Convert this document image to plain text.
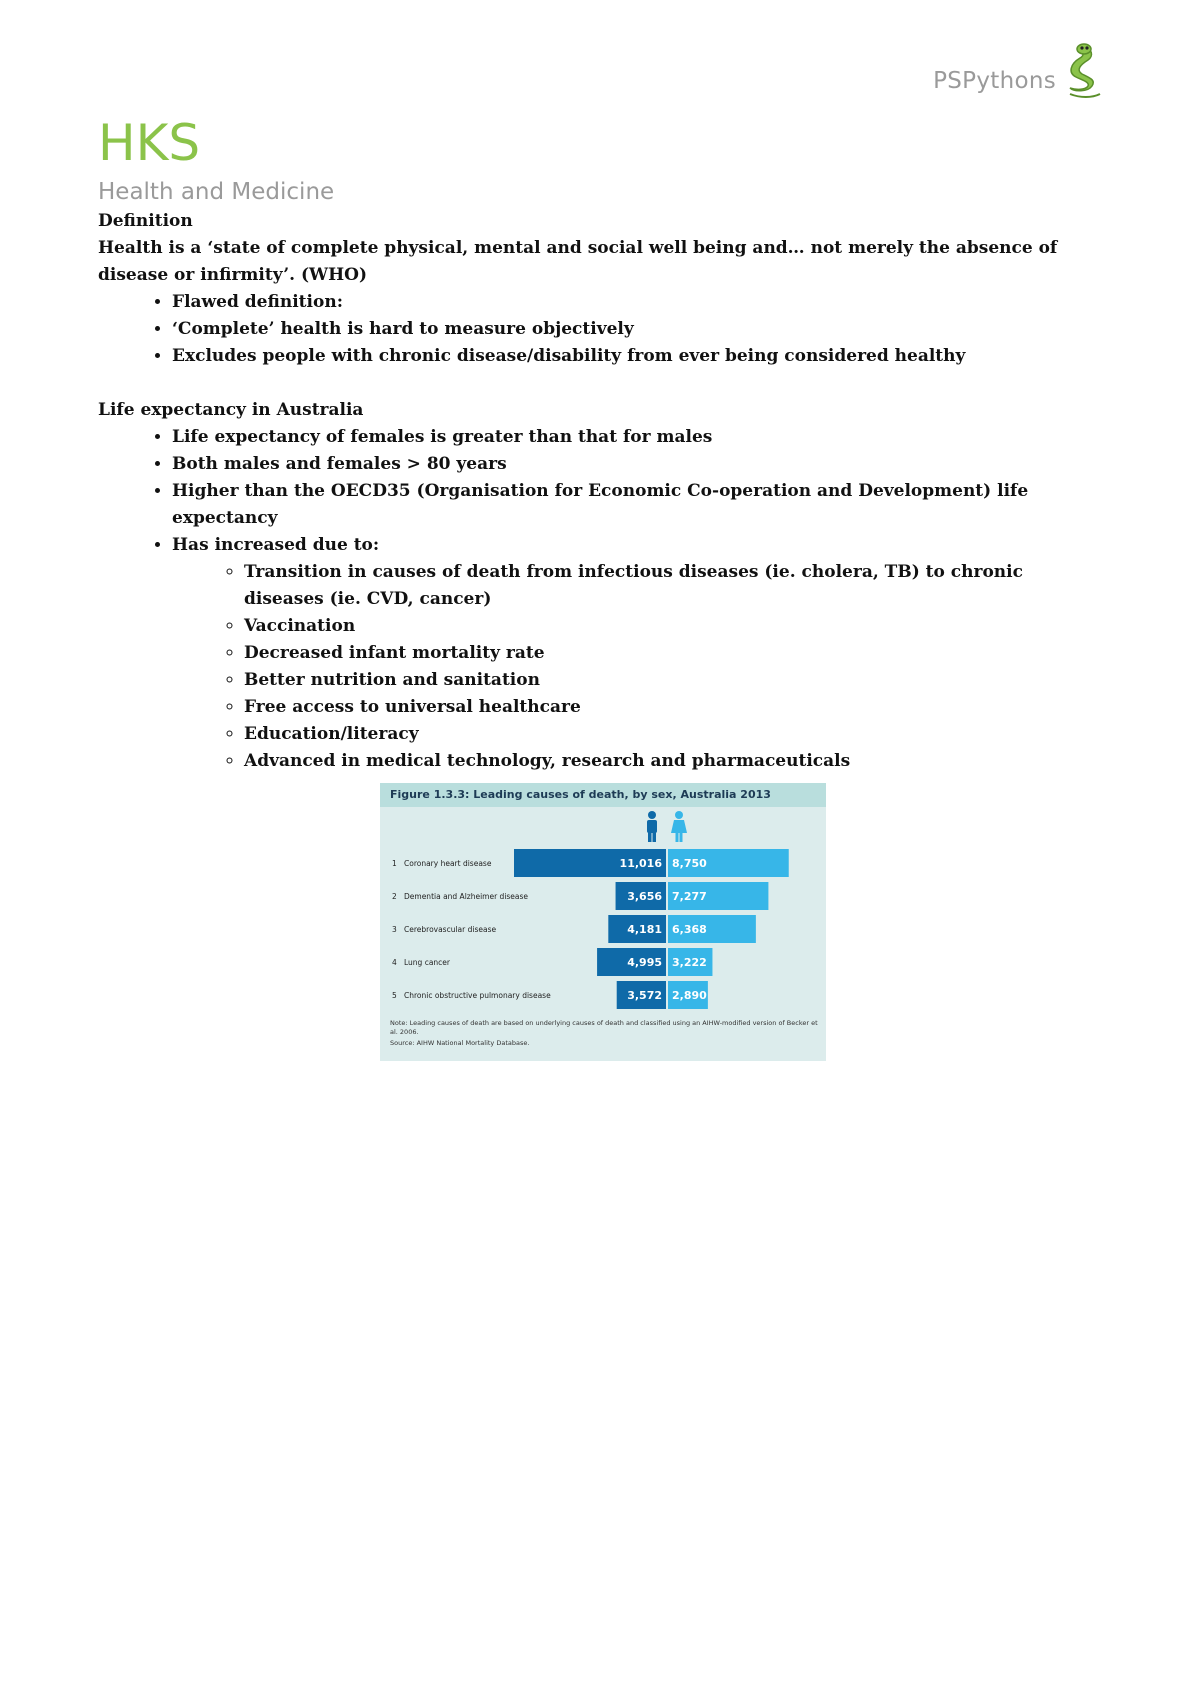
PSPythons
HKS

Health and Medicine

Definition

Health is a ‘state of complete physical, mental and social well being and… not merely the absence of disease or infirmity’. (WHO)

• Flawed definition:
• ‘Complete’ health is hard to measure objectively
• Excludes people with chronic disease/disability from ever being considered healthy

Life expectancy in Australia

• Life expectancy of females is greater than that for males
• Both males and females > 80 years
• Higher than the OECD35 (Organisation for Economic Co-operation and Development) life expectancy
• Has increased due to:
◦ Transition in causes of death from infectious diseases (ie. cholera, TB) to chronic diseases (ie. CVD, cancer)
◦ Vaccination
◦ Decreased infant mortality rate
◦ Better nutrition and sanitation
◦ Free access to universal healthcare
◦ Education/literacy
◦ Advanced in medical technology, research and pharmaceuticals
Figure 1.3.3: Leading causes of death, by sex, Australia 2013
11,016 8,750
1 Coronary heart disease
3,656 7,277
2 Dementia and Alzheimer disease
4,181 6,368
3 Cerebrovascular disease
4,995 3,222
4 Lung cancer
3,572 2,890
5 Chronic obstructive pulmonary disease
Note: Leading causes of death are based on underlying causes of death and classified using an AIHW-modified version of Becker et al. 2006.
Source: AIHW National Mortality Database.
